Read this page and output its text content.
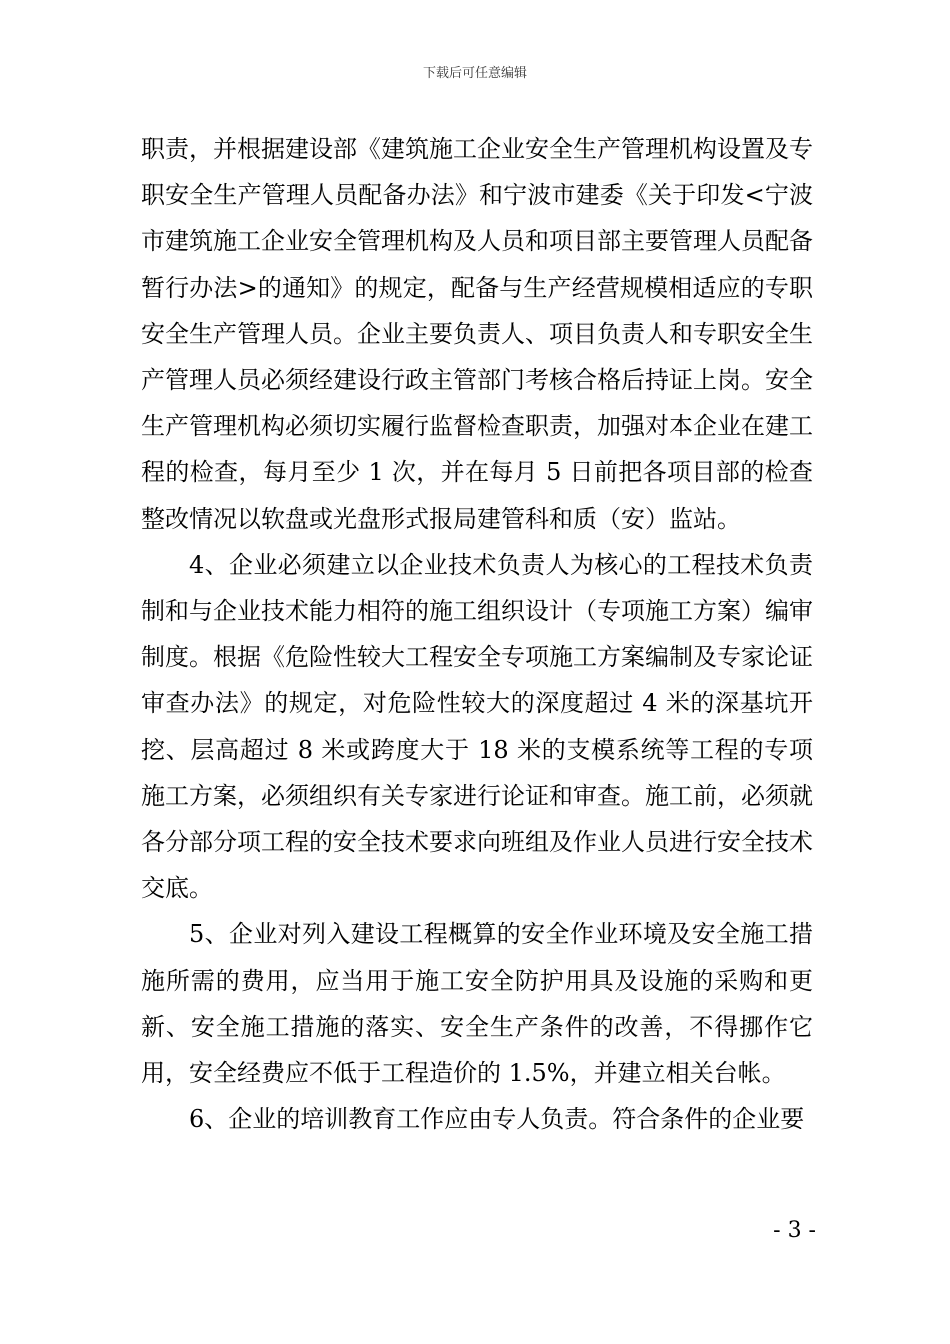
下载后可任意编辑

职责，并根据建设部《建筑施工企业安全生产管理机构设置及专职安全生产管理人员配备办法》和宁波市建委《关于印发<宁波市建筑施工企业安全管理机构及人员和项目部主要管理人员配备暂行办法>的通知》的规定，配备与生产经营规模相适应的专职安全生产管理人员。企业主要负责人、项目负责人和专职安全生产管理人员必须经建设行政主管部门考核合格后持证上岗。安全生产管理机构必须切实履行监督检查职责，加强对本企业在建工程的检查，每月至少 1 次，并在每月 5 日前把各项目部的检查整改情况以软盘或光盘形式报局建管科和质（安）监站。

4、企业必须建立以企业技术负责人为核心的工程技术负责制和与企业技术能力相符的施工组织设计（专项施工方案）编审制度。根据《危险性较大工程安全专项施工方案编制及专家论证审查办法》的规定，对危险性较大的深度超过 4 米的深基坑开挖、层高超过 8 米或跨度大于 18 米的支模系统等工程的专项施工方案，必须组织有关专家进行论证和审查。施工前，必须就各分部分项工程的安全技术要求向班组及作业人员进行安全技术交底。

5、企业对列入建设工程概算的安全作业环境及安全施工措施所需的费用，应当用于施工安全防护用具及设施的采购和更新、安全施工措施的落实、安全生产条件的改善，不得挪作它用，安全经费应不低于工程造价的 1.5%，并建立相关台帐。

6、企业的培训教育工作应由专人负责。符合条件的企业要

- 3 -
